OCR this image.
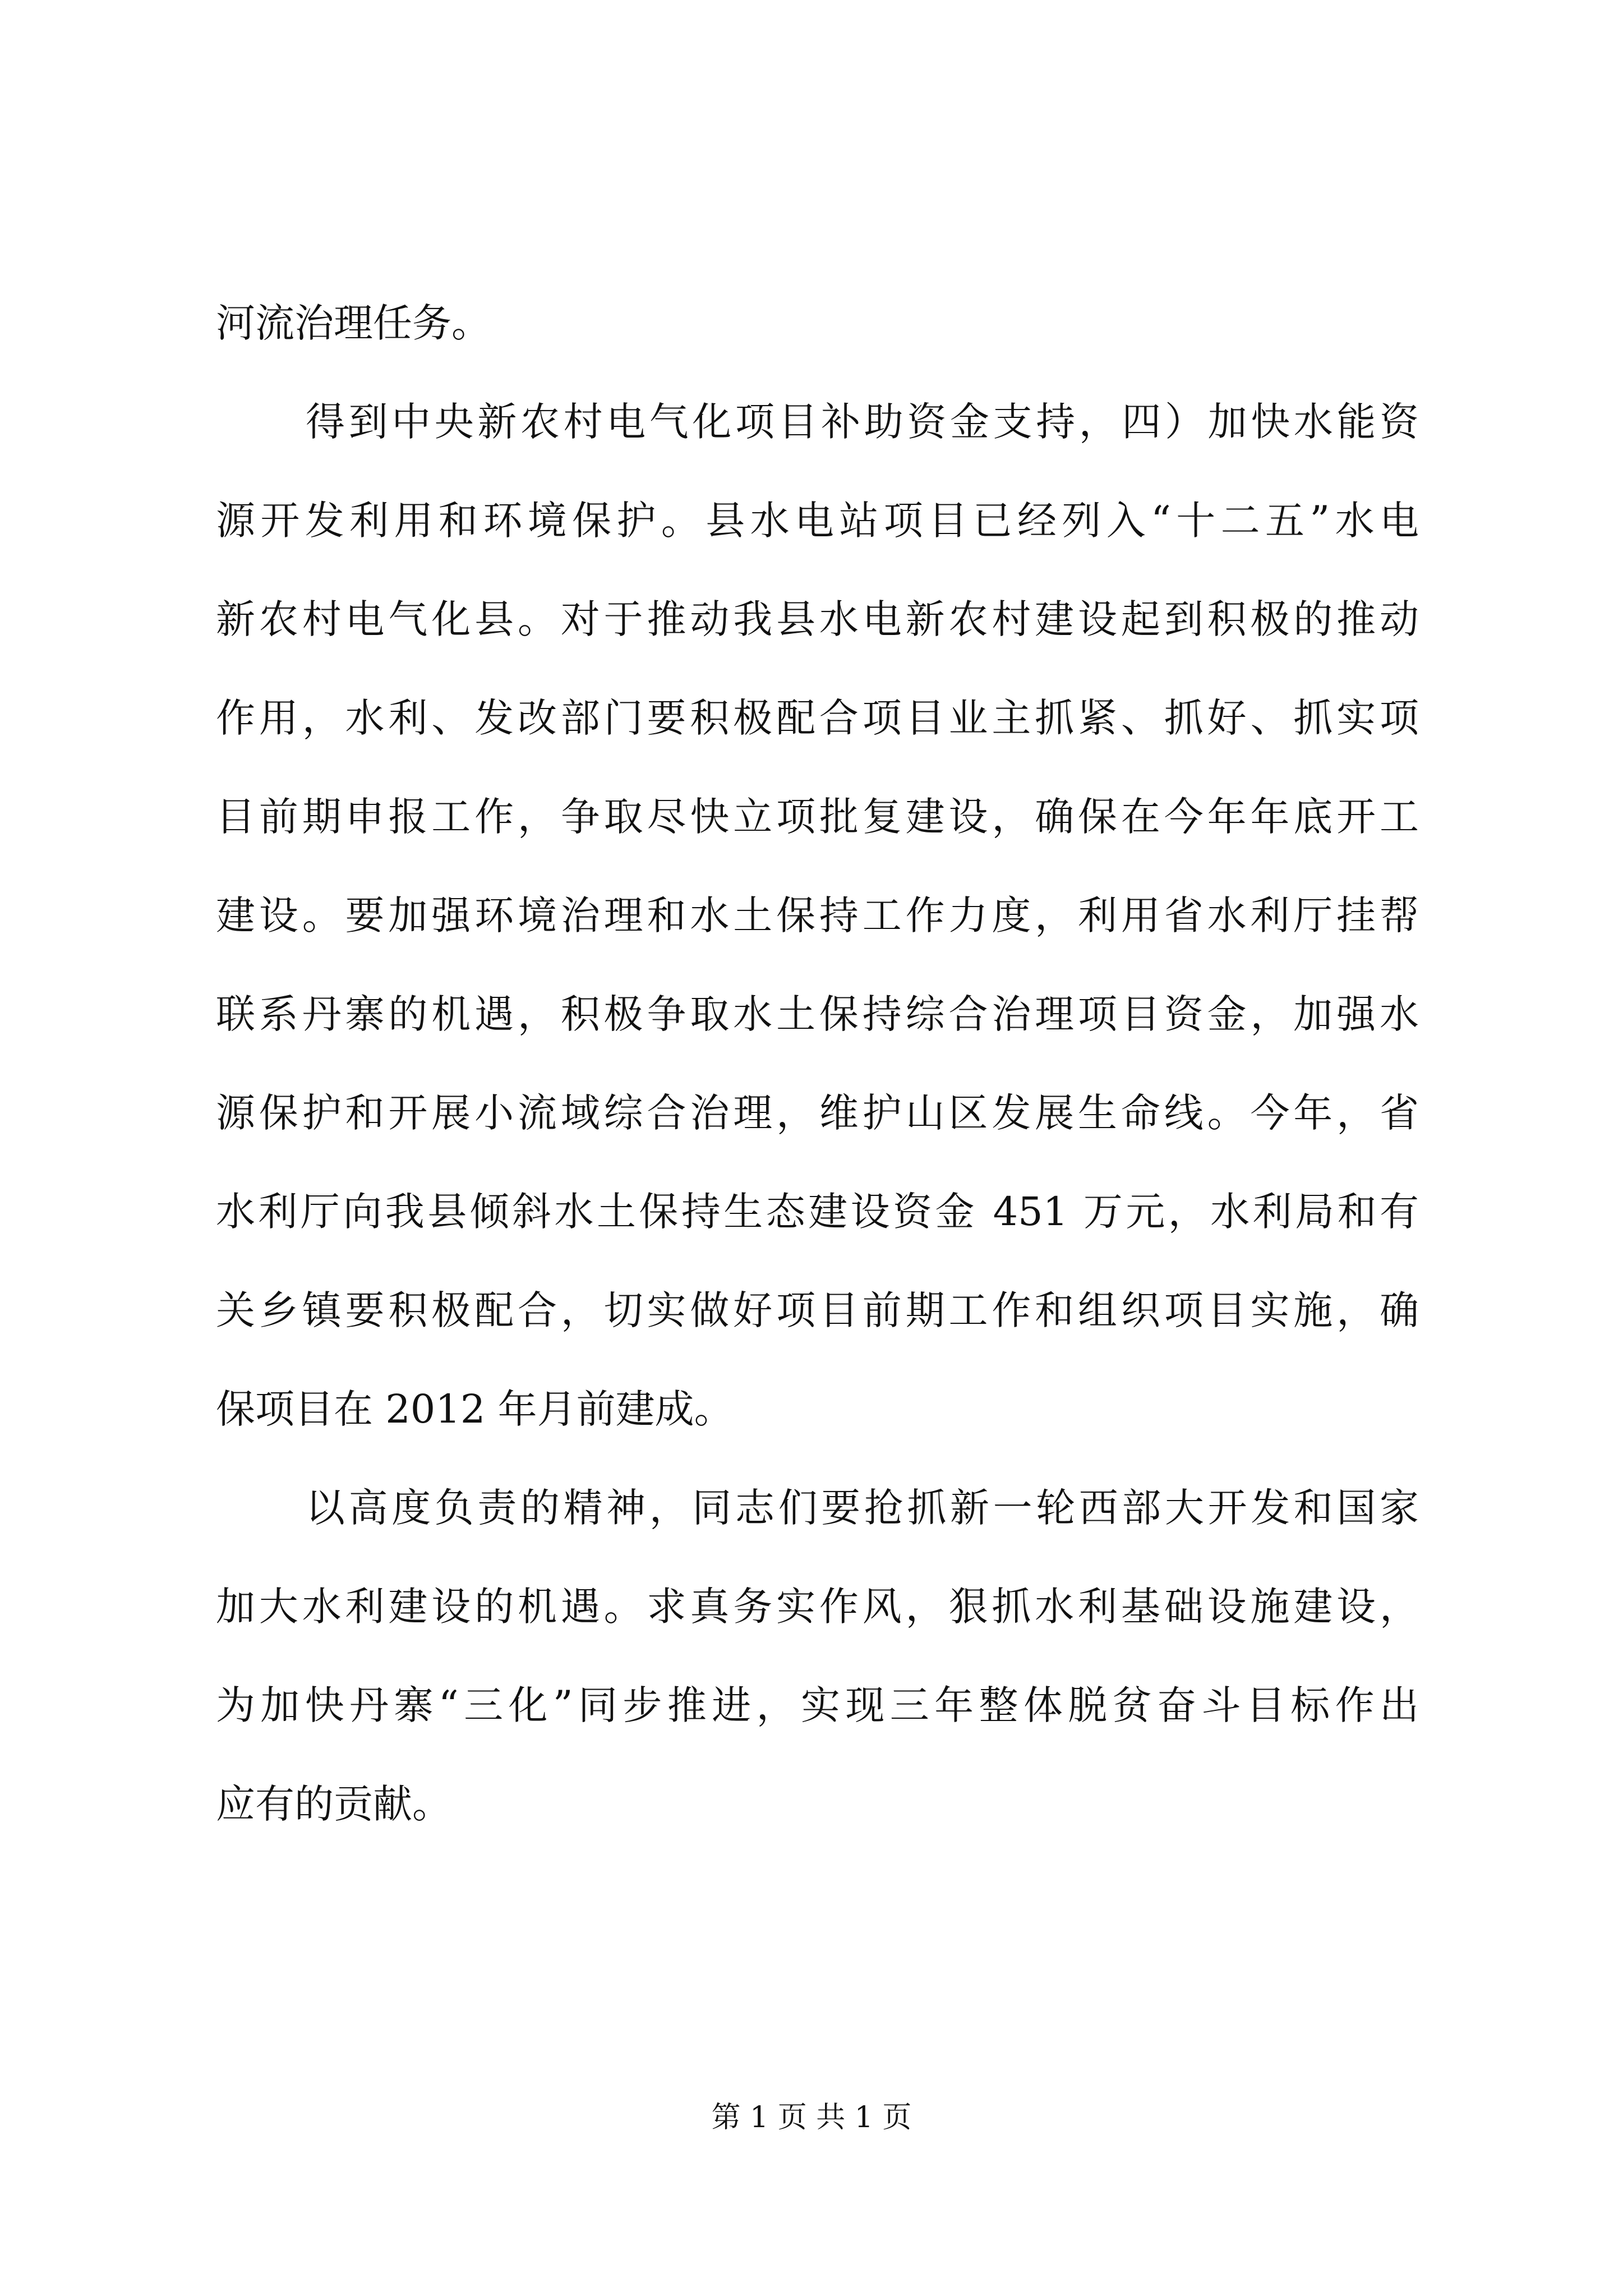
河流治理任务。
得到中央新农村电气化项目补助资金支持，四）加快水能资
源开发利用和环境保护。县水电站项目已经列入“十二五”水电
新农村电气化县。对于推动我县水电新农村建设起到积极的推动
作用，水利、发改部门要积极配合项目业主抓紧、抓好、抓实项
目前期申报工作，争取尽快立项批复建设，确保在今年年底开工
建设。要加强环境治理和水土保持工作力度，利用省水利厅挂帮
联系丹寨的机遇，积极争取水土保持综合治理项目资金，加强水
源保护和开展小流域综合治理，维护山区发展生命线。今年，省
水利厅向我县倾斜水土保持生态建设资金 451 万元，水利局和有
关乡镇要积极配合，切实做好项目前期工作和组织项目实施，确
保项目在 2012 年月前建成。
以高度负责的精神，同志们要抢抓新一轮西部大开发和国家
加大水利建设的机遇。求真务实作风，狠抓水利基础设施建设，
为加快丹寨“三化”同步推进，实现三年整体脱贫奋斗目标作出
应有的贡献。
第 1 页 共 1 页
